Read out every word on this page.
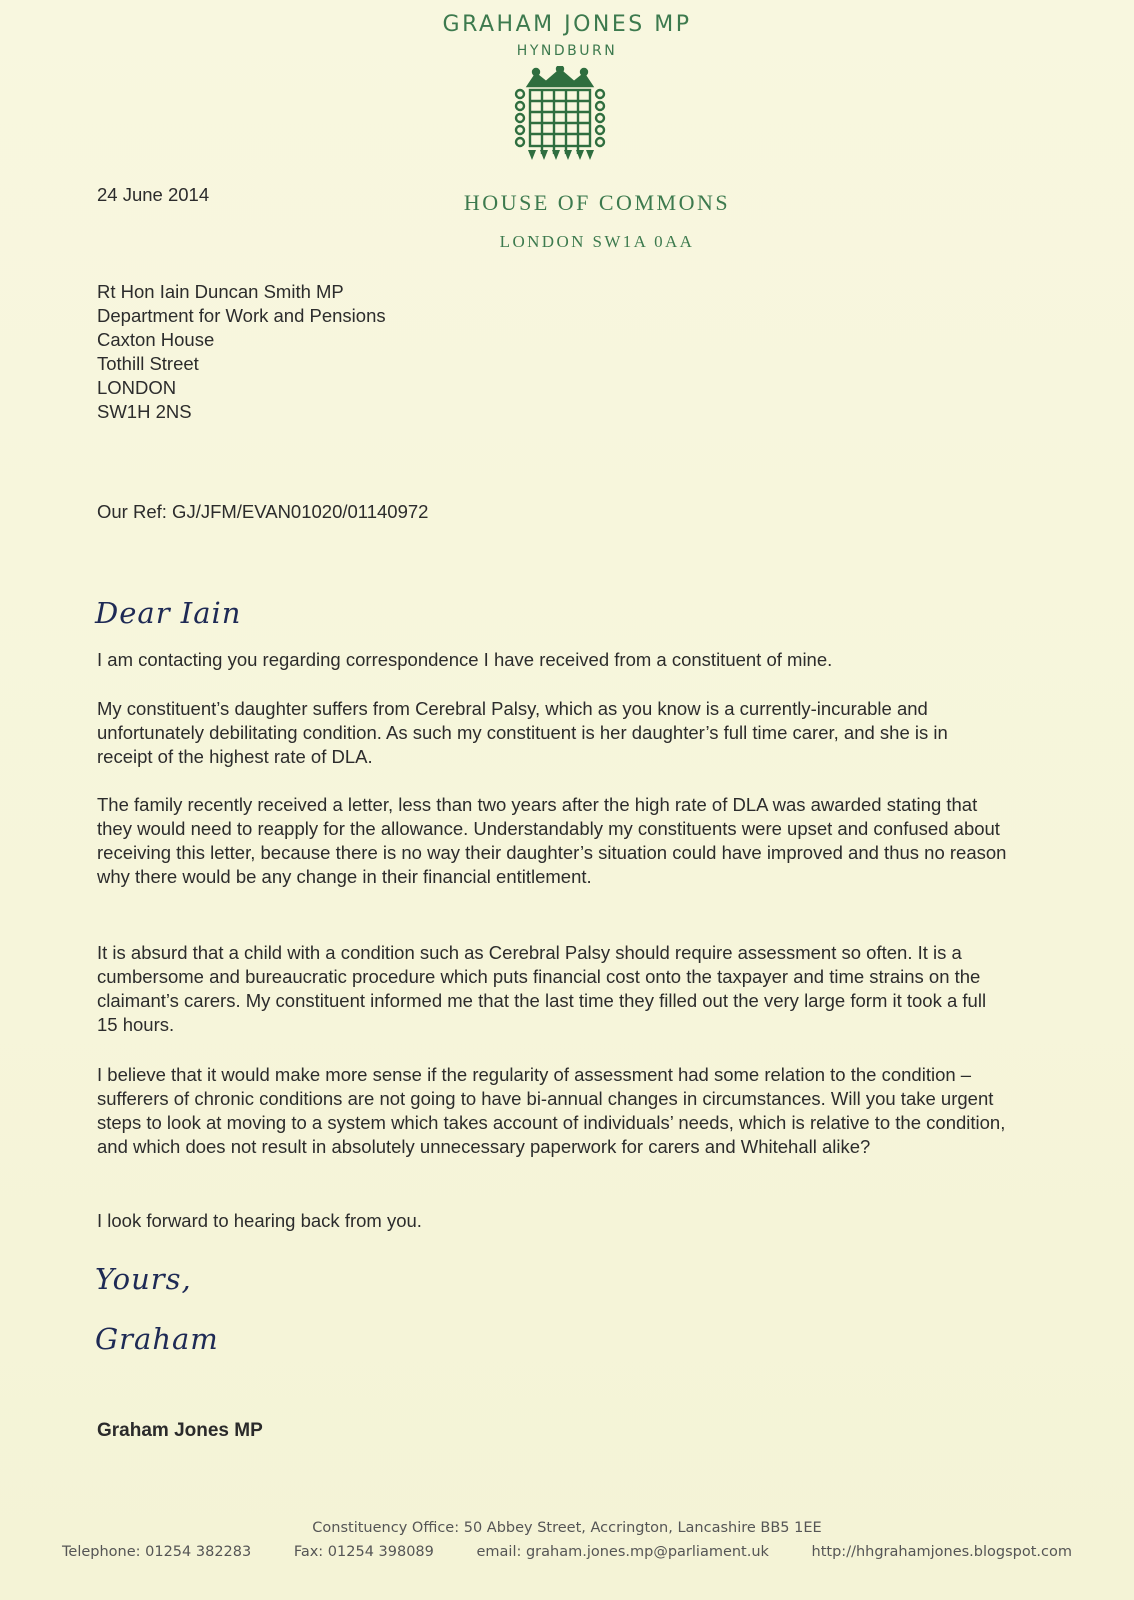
GRAHAM JONES MP
HYNDBURN
24 June 2014	HOUSE OF COMMONS
LONDON SW1A 0AA
Rt Hon Iain Duncan Smith MP
Department for Work and Pensions
Caxton House
Tothill Street
LONDON
SW1H 2NS
Our Ref: GJ/JFM/EVAN01020/01140972
Dear Iain

I am contacting you regarding correspondence I have received from a constituent of mine.

My constituent’s daughter suffers from Cerebral Palsy, which as you know is a currently-incurable and unfortunately debilitating condition. As such my constituent is her daughter’s full time carer, and she is in receipt of the highest rate of DLA.

The family recently received a letter, less than two years after the high rate of DLA was awarded stating that they would need to reapply for the allowance. Understandably my constituents were upset and confused about receiving this letter, because there is no way their daughter’s situation could have improved and thus no reason why there would be any change in their financial entitlement.

It is absurd that a child with a condition such as Cerebral Palsy should require assessment so often. It is a cumbersome and bureaucratic procedure which puts financial cost onto the taxpayer and time strains on the claimant’s carers. My constituent informed me that the last time they filled out the very large form it took a full 15 hours.

I believe that it would make more sense if the regularity of assessment had some relation to the condition – sufferers of chronic conditions are not going to have bi-annual changes in circumstances. Will you take urgent steps to look at moving to a system which takes account of individuals’ needs, which is relative to the condition, and which does not result in absolutely unnecessary paperwork for carers and Whitehall alike?

I look forward to hearing back from you.

Yours,
Graham
Graham Jones MP
Constituency Office: 50 Abbey Street, Accrington, Lancashire BB5 1EE
Telephone: 01254 382283	Fax: 01254 398089	email: graham.jones.mp@parliament.uk	http://hhgrahamjones.blogspot.com
